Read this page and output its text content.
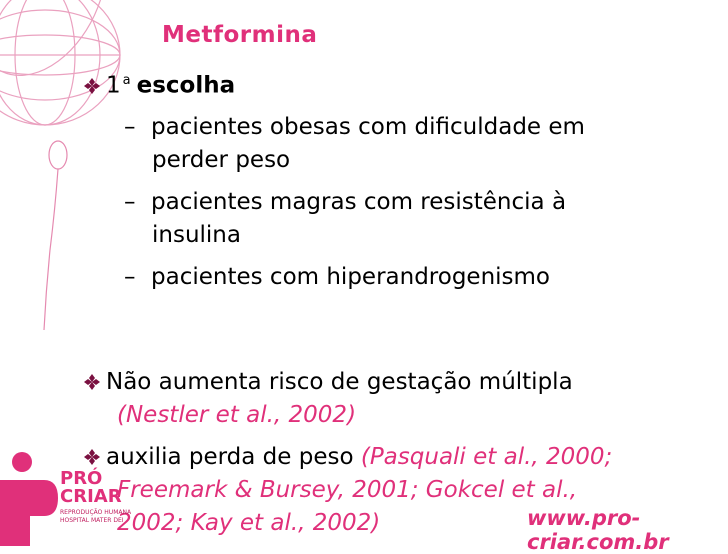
Metformina
1 $^a$ escolha
– pacientes obesas com dificuldade em
perder peso
– pacientes magras com resistência à
insulina
– pacientes com hiperandrogenismo
Não aumenta risco de gestação múltipla
(Nestler et al., 2002)
auxilia perda de peso (Pasquali et al., 2000;
Freemark & Bursey, 2001; Gokcel et al.,
2002; Kay et al., 2002)
PRÓ
CRIAR
REPRODUÇÃO HUMANA
HOSPITAL MATER DEI	www.pro-criar.com.br
